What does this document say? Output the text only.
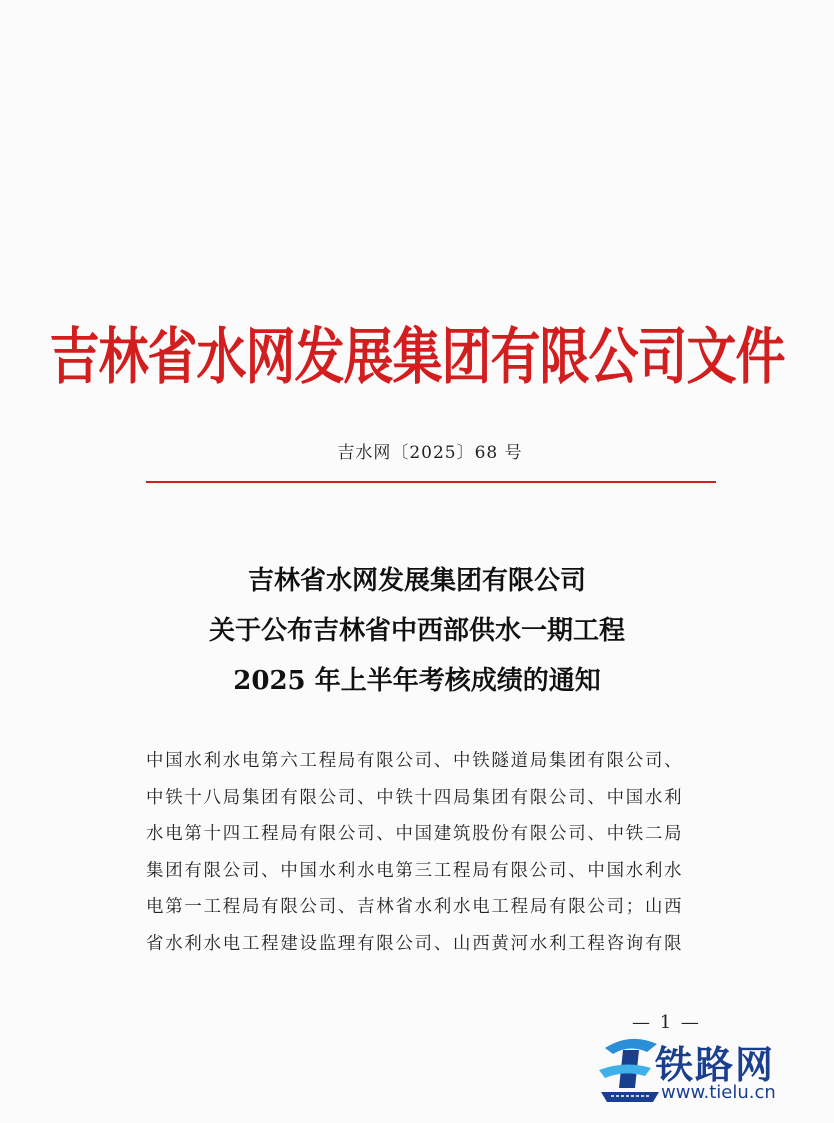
吉林省水网发展集团有限公司文件
吉水网〔2025〕68 号
吉林省水网发展集团有限公司
关于公布吉林省中西部供水一期工程
2025 年上半年考核成绩的通知
中国水利水电第六工程局有限公司、中铁隧道局集团有限公司、
中铁十八局集团有限公司、中铁十四局集团有限公司、中国水利
水电第十四工程局有限公司、中国建筑股份有限公司、中铁二局
集团有限公司、中国水利水电第三工程局有限公司、中国水利水
电第一工程局有限公司、吉林省水利水电工程局有限公司；山西
省水利水电工程建设监理有限公司、山西黄河水利工程咨询有限
— 1 —
铁路网
www.tielu.cn
